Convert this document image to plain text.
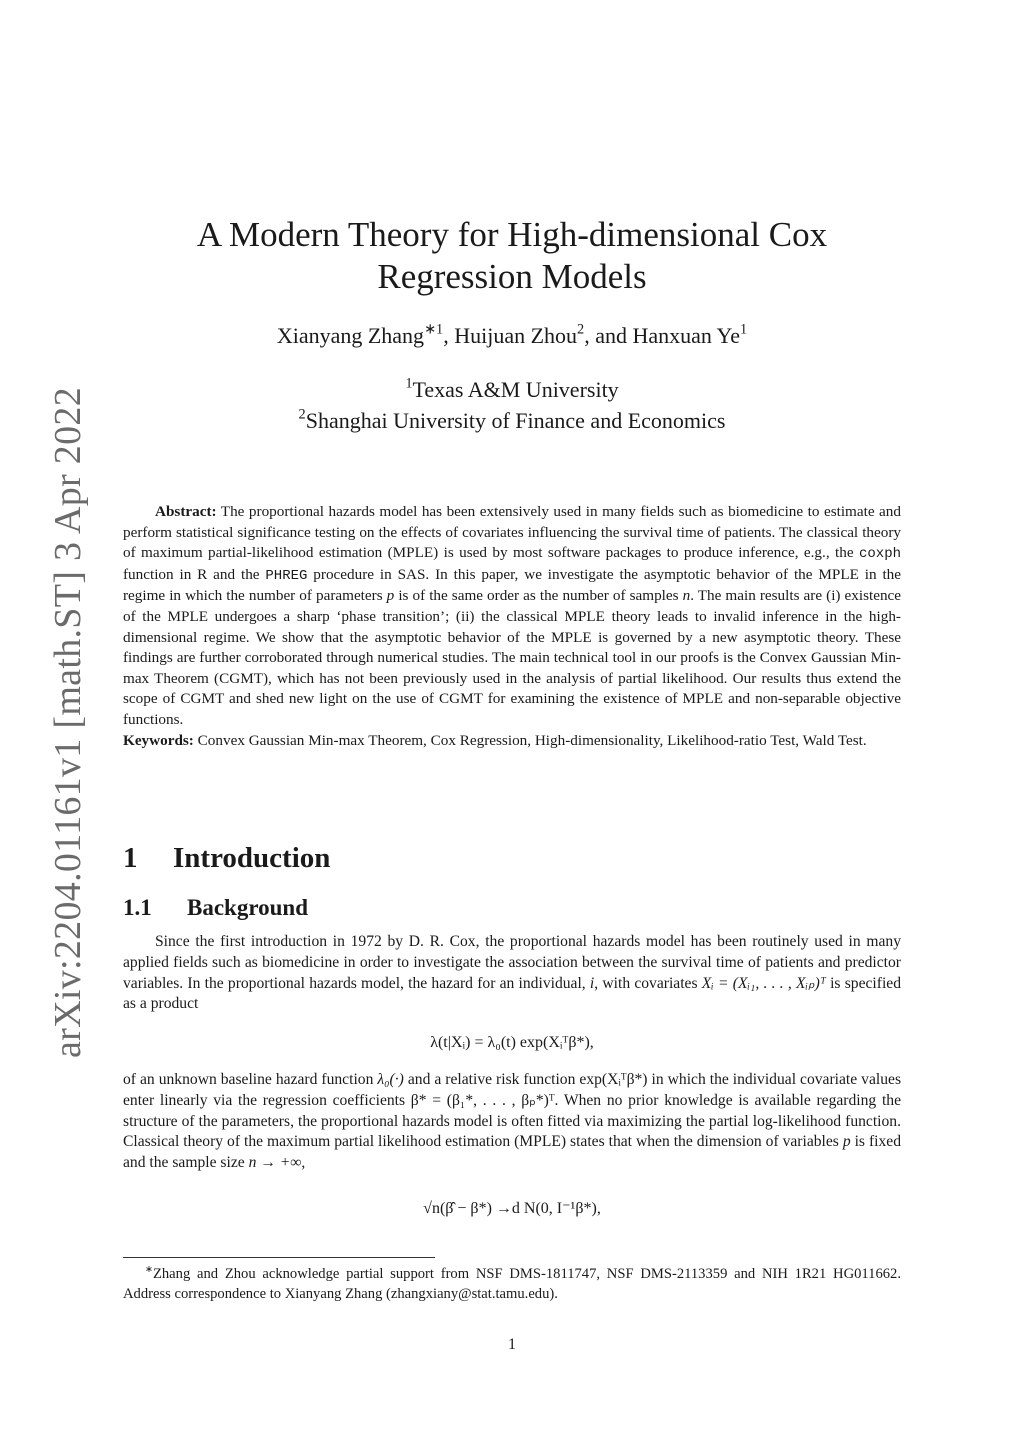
arXiv:2204.01161v1 [math.ST] 3 Apr 2022
A Modern Theory for High-dimensional Cox
Regression Models
Xianyang Zhang$^{∗1}$, Huijuan Zhou$^2$, and Hanxuan Ye$^1$
$^1$Texas A&M University
$^2$Shanghai University of Finance and Economics

Abstract: The proportional hazards model has been extensively used in many fields such as biomedicine to estimate and perform statistical significance testing on the effects of covariates influencing the survival time of patients. The classical theory of maximum partial-likelihood estimation (MPLE) is used by most software packages to produce inference, e.g., the coxph function in R and the PHREG procedure in SAS. In this paper, we investigate the asymptotic behavior of the MPLE in the regime in which the number of parameters p is of the same order as the number of samples n. The main results are (i) existence of the MPLE undergoes a sharp ‘phase transition’; (ii) the classical MPLE theory leads to invalid inference in the high-dimensional regime. We show that the asymptotic behavior of the MPLE is governed by a new asymptotic theory. These findings are further corroborated through numerical studies. The main technical tool in our proofs is the Convex Gaussian Min-max Theorem (CGMT), which has not been previously used in the analysis of partial likelihood. Our results thus extend the scope of CGMT and shed new light on the use of CGMT for examining the existence of MPLE and non-separable objective functions.

Keywords: Convex Gaussian Min-max Theorem, Cox Regression, High-dimensionality, Likelihood-ratio Test, Wald Test.

1 Introduction
1.1 Background

Since the first introduction in 1972 by D. R. Cox, the proportional hazards model has been routinely used in many applied fields such as biomedicine in order to investigate the association between the survival time of patients and predictor variables. In the proportional hazards model, the hazard for an individual, i, with covariates Xᵢ = (Xᵢ₁, . . . , Xᵢₚ)ᵀ is specified as a product

λ(t|Xᵢ) = λ₀(t) exp(Xᵢᵀβ*),

of an unknown baseline hazard function λ₀(·) and a relative risk function exp(Xᵢᵀβ*) in which the individual covariate values enter linearly via the regression coefficients β* = (β₁*, . . . , βₚ*)ᵀ. When no prior knowledge is available regarding the structure of the parameters, the proportional hazards model is often fitted via maximizing the partial log-likelihood function. Classical theory of the maximum partial likelihood estimation (MPLE) states that when the dimension of variables p is fixed and the sample size n → +∞,

√n(β̂ − β*) →d N(0, I⁻¹β*),

∗Zhang and Zhou acknowledge partial support from NSF DMS-1811747, NSF DMS-2113359 and NIH 1R21 HG011662. Address correspondence to Xianyang Zhang (zhangxiany@stat.tamu.edu).

1
